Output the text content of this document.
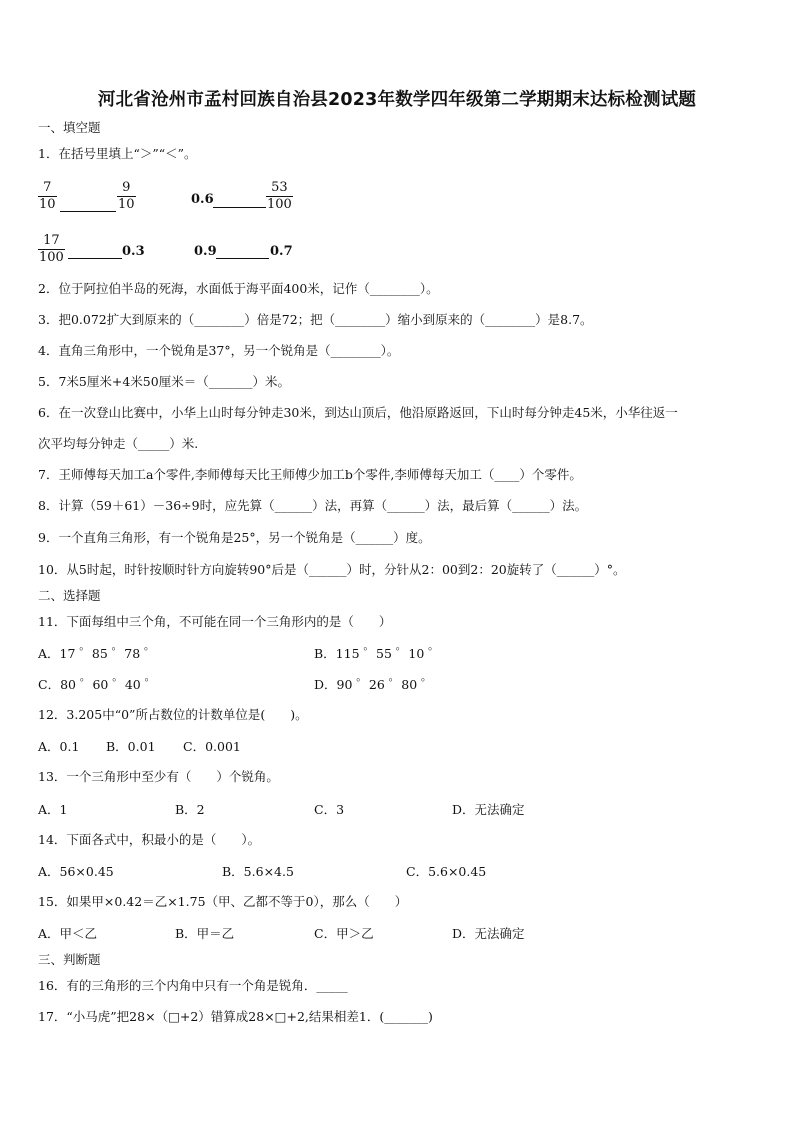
河北省沧州市孟村回族自治县2023年数学四年级第二学期期末达标检测试题
一、填空题
1．在括号里填上“＞”“＜”。
$\frac{7}{10}$	$\frac{9}{10}$	0.6	$\frac{53}{100}$
$\frac{17}{100}$	0.3	0.9	0.7
2．位于阿拉伯半岛的死海，水面低于海平面400米，记作（________）。
3．把0.072扩大到原来的（________）倍是72；把（________）缩小到原来的（________）是8.7。
4．直角三角形中，一个锐角是37°，另一个锐角是（________）。
5．7米5厘米+4米50厘米＝（_______）米。
6．在一次登山比赛中，小华上山时每分钟走30米，到达山顶后，他沿原路返回，下山时每分钟走45米，小华往返一
次平均每分钟走（_____）米.
7．王师傅每天加工a个零件,李师傅每天比王师傅少加工b个零件,李师傅每天加工（____）个零件。
8．计算（59＋61）－36÷9时，应先算（______）法，再算（______）法，最后算（______）法。
9．一个直角三角形，有一个锐角是25°，另一个锐角是（______）度。
10．从5时起，时针按顺时针方向旋转90°后是（______）时，分针从2：00到2：20旋转了（______）°。
二、选择题
11．下面每组中三个角，不可能在同一个三角形内的是（　　）
A．17 ゜85 ゜78 ゜	B．115 ゜55 ゜10 ゜
C．80 ゜60 ゜40 ゜	D．90 ゜26 ゜80 ゜
12．3.205中“0”所占数位的计数单位是(　　)。
A．0.1 B．0.01 C．0.001
13．一个三角形中至少有（　　）个锐角。
A．1	B．2	C．3	D．无法确定
14．下面各式中，积最小的是（　　）。
A．56×0.45	B．5.6×4.5	C．5.6×0.45
15．如果甲×0.42＝乙×1.75（甲、乙都不等于0），那么（　　）
A．甲＜乙	B．甲＝乙	C．甲＞乙	D．无法确定
三、判断题
16．有的三角形的三个内角中只有一个角是锐角．_____
17．“小马虎”把28×（□+2）错算成28×□+2,结果相差1．(_______)
